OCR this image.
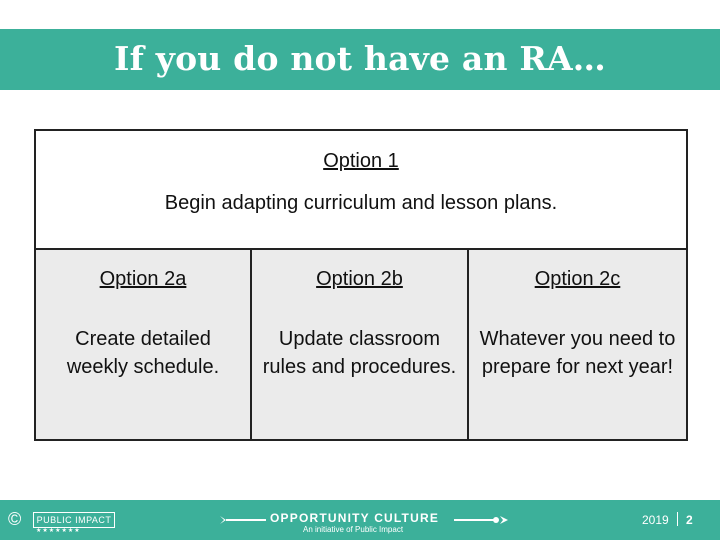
If you do not have an RA…
Option 1
Begin adapting curriculum and lesson plans.
Option 2a
Create detailed weekly schedule.
Option 2b
Update classroom rules and procedures.
Option 2c
Whatever you need to prepare for next year!
© PUBLIC IMPACT
★★★★★★★
OPPORTUNITY CULTURE
An initiative of Public Impact
2019 2
